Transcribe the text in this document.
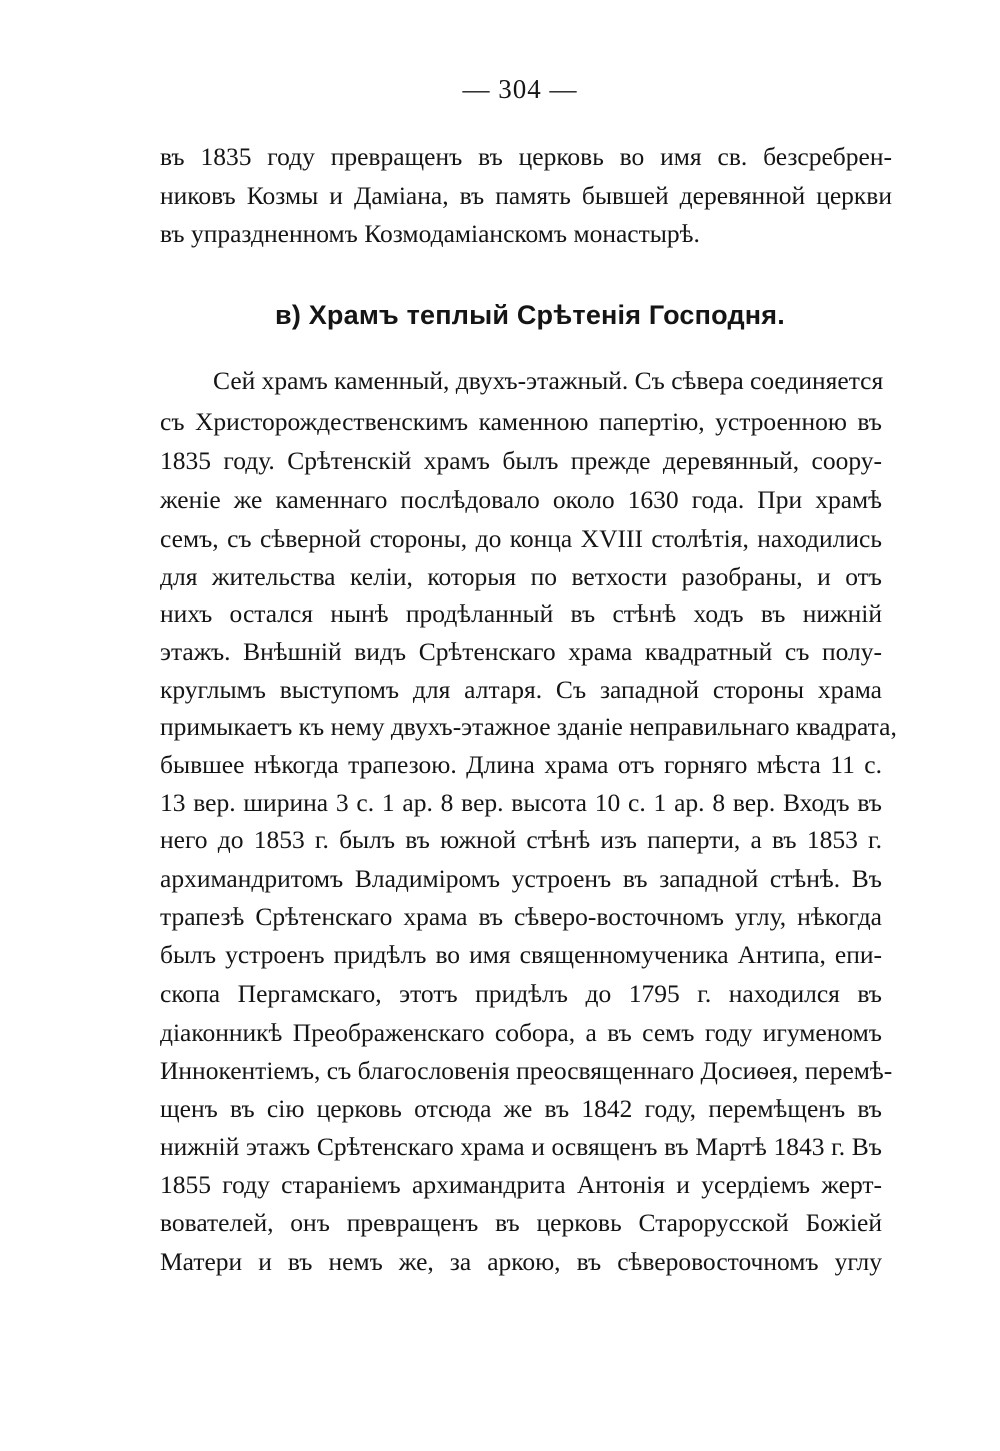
— 304 —
въ 1835 году превращенъ въ церковь во имя св. безсребрен-
никовъ Козмы и Даміана, въ память бывшей деревянной церкви
въ упраздненномъ Козмодаміанскомъ монастырѣ.
в) Храмъ теплый Срѣтенія Господня.
Сей храмъ каменный, двухъ-этажный. Съ сѣвера соединяется
съ Христорождественскимъ каменною папертію, устроенною въ
1835 году. Срѣтенскій храмъ былъ прежде деревянный, соору-
женіе же каменнаго послѣдовало около 1630 года. При храмѣ
семъ, съ сѣверной стороны, до конца XVIII столѣтія, находились
для жительства келіи, которыя по ветхости разобраны, и отъ
нихъ остался нынѣ продѣланный въ стѣнѣ ходъ въ нижній
этажъ. Внѣшній видъ Срѣтенскаго храма квадратный съ полу-
круглымъ выступомъ для алтаря. Съ западной стороны храма
примыкаетъ къ нему двухъ-этажное зданіе неправильнаго квадрата,
бывшее нѣкогда трапезою. Длина храма отъ горняго мѣста 11 с.
13 вер. ширина 3 с. 1 ар. 8 вер. высота 10 с. 1 ар. 8 вер. Входъ въ
него до 1853 г. былъ въ южной стѣнѣ изъ паперти, а въ 1853 г.
архимандритомъ Владиміромъ устроенъ въ западной стѣнѣ. Въ
трапезѣ Срѣтенскаго храма въ сѣверо-восточномъ углу, нѣкогда
былъ устроенъ придѣлъ во имя священномученика Антипа, епи-
скопа Пергамскаго, этотъ придѣлъ до 1795 г. находился въ
діаконникѣ Преображенскаго собора, а въ семъ году игуменомъ
Иннокентіемъ, съ благословенія преосвященнаго Досиѳея, перемѣ-
щенъ въ сію церковь отсюда же въ 1842 году, перемѣщенъ въ
нижній этажъ Срѣтенскаго храма и освященъ въ Мартѣ 1843 г. Въ
1855 году стараніемъ архимандрита Антонія и усердіемъ жерт-
вователей, онъ превращенъ въ церковь Старорусской Божіей
Матери и въ немъ же, за аркою, въ сѣверовосточномъ углу
